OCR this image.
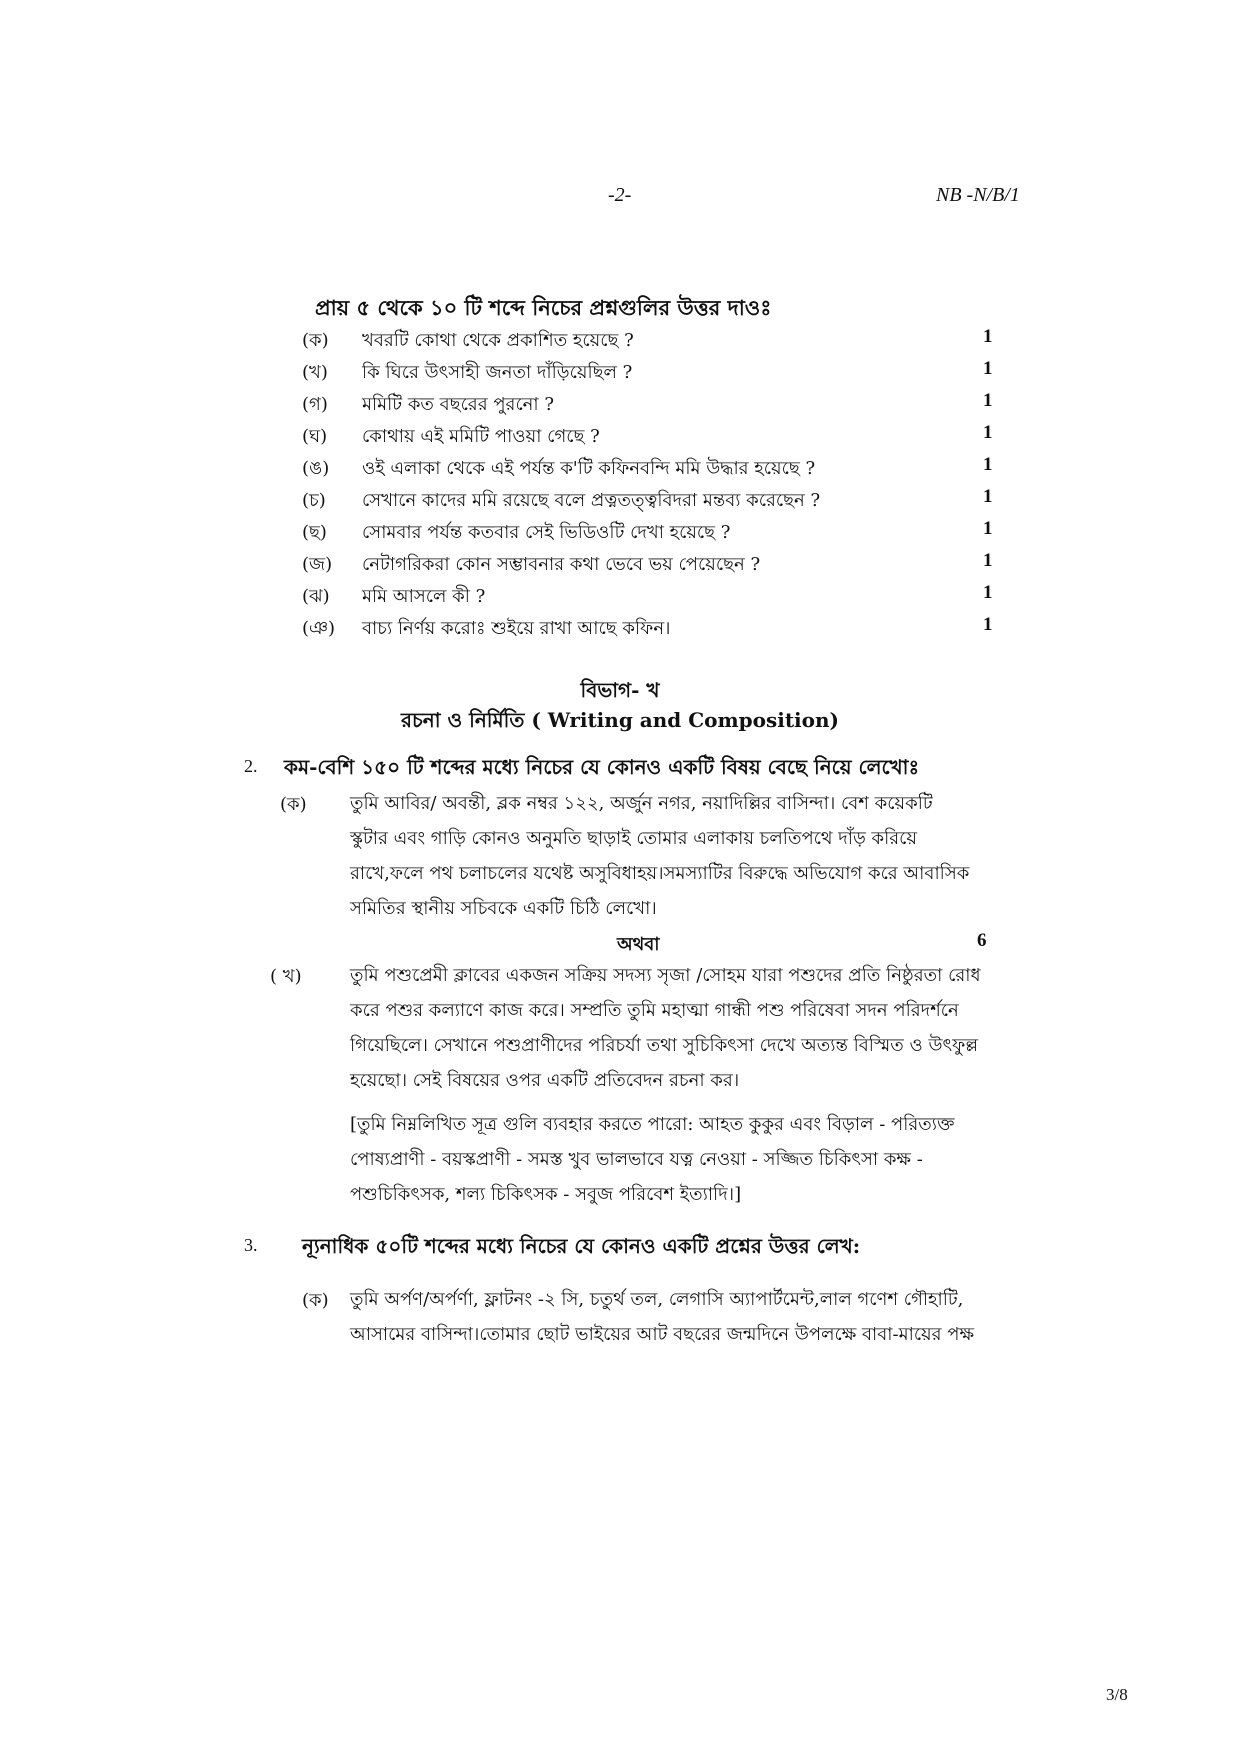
-2-	NB -N/B/1
প্রায় ৫ থেকে ১০ টি শব্দে নিচের প্রশ্নগুলির উত্তর দাওঃ
(ক) খবরটি কোথা থেকে প্রকাশিত হয়েছে ?	1
(খ) কি ঘিরে উৎসাহী জনতা দাঁড়িয়েছিল ?	1
(গ) মমিটি কত বছরের পুরনো ?	1
(ঘ) কোথায় এই মমিটি পাওয়া গেছে ?	1
(ঙ) ওই এলাকা থেকে এই পর্যন্ত ক'টি কফিনবন্দি মমি উদ্ধার হয়েছে ?	1
(চ) সেখানে কাদের মমি রয়েছে বলে প্রত্নতত্ত্ববিদরা মন্তব্য করেছেন ?	1
(ছ) সোমবার পর্যন্ত কতবার সেই ভিডিওটি দেখা হয়েছে ?	1
(জ) নেটাগরিকরা কোন সম্ভাবনার কথা ভেবে ভয় পেয়েছেন ?	1
(ঝ) মমি আসলে কী ?	1
(ঞ) বাচ্য নির্ণয় করোঃ শুইয়ে রাখা আছে কফিন।	1
বিভাগ- খ
রচনা ও নির্মিতি ( Writing and Composition)
2. কম-বেশি ১৫০ টি শব্দের মধ্যে নিচের যে কোনও একটি বিষয় বেছে নিয়ে লেখোঃ
(ক) তুমি আবির/ অবন্তী, ব্লক নম্বর ১২২, অর্জুন নগর, নয়াদিল্লির বাসিন্দা। বেশ কয়েকটি
স্কুটার এবং গাড়ি কোনও অনুমতি ছাড়াই তোমার এলাকায় চলতিপথে দাঁড় করিয়ে
রাখে,ফলে পথ চলাচলের যথেষ্ট অসুবিধাহয়।সমস্যাটির বিরুদ্ধে অভিযোগ করে আবাসিক
সমিতির স্থানীয় সচিবকে একটি চিঠি লেখো।
অথবা	6
( খ)	তুমি পশুপ্রেমী ক্লাবের একজন সক্রিয় সদস্য সৃজা /সোহম যারা পশুদের প্রতি নিষ্ঠুরতা রোধ
করে পশুর কল্যাণে কাজ করে। সম্প্রতি তুমি মহাত্মা গান্ধী পশু পরিষেবা সদন পরিদর্শনে
গিয়েছিলে। সেখানে পশুপ্রাণীদের পরিচর্যা তথা সুচিকিৎসা দেখে অত্যন্ত বিস্মিত ও উৎফুল্ল
হয়েছো। সেই বিষয়ের ওপর একটি প্রতিবেদন রচনা কর।
[তুমি নিম্নলিখিত সূত্র গুলি ব্যবহার করতে পারো: আহত কুকুর এবং বিড়াল - পরিত্যক্ত
পোষ্যপ্রাণী - বয়স্কপ্রাণী - সমস্ত খুব ভালভাবে যত্ন নেওয়া - সজ্জিত চিকিৎসা কক্ষ -
পশুচিকিৎসক, শল্য চিকিৎসক - সবুজ পরিবেশ ইত্যাদি।]
3. ন্যূনাধিক ৫০টি শব্দের মধ্যে নিচের যে কোনও একটি প্রশ্নের উত্তর লেখ:
(ক) তুমি অর্পণ/অর্পর্ণা, ফ্লাটনং -২ সি, চতুর্থ তল, লেগাসি অ্যাপার্টমেন্ট,লাল গণেশ গৌহাটি,
আসামের বাসিন্দা।তোমার ছোট ভাইয়ের আট বছরের জন্মদিনে উপলক্ষে বাবা-মায়ের পক্ষ
3/8
